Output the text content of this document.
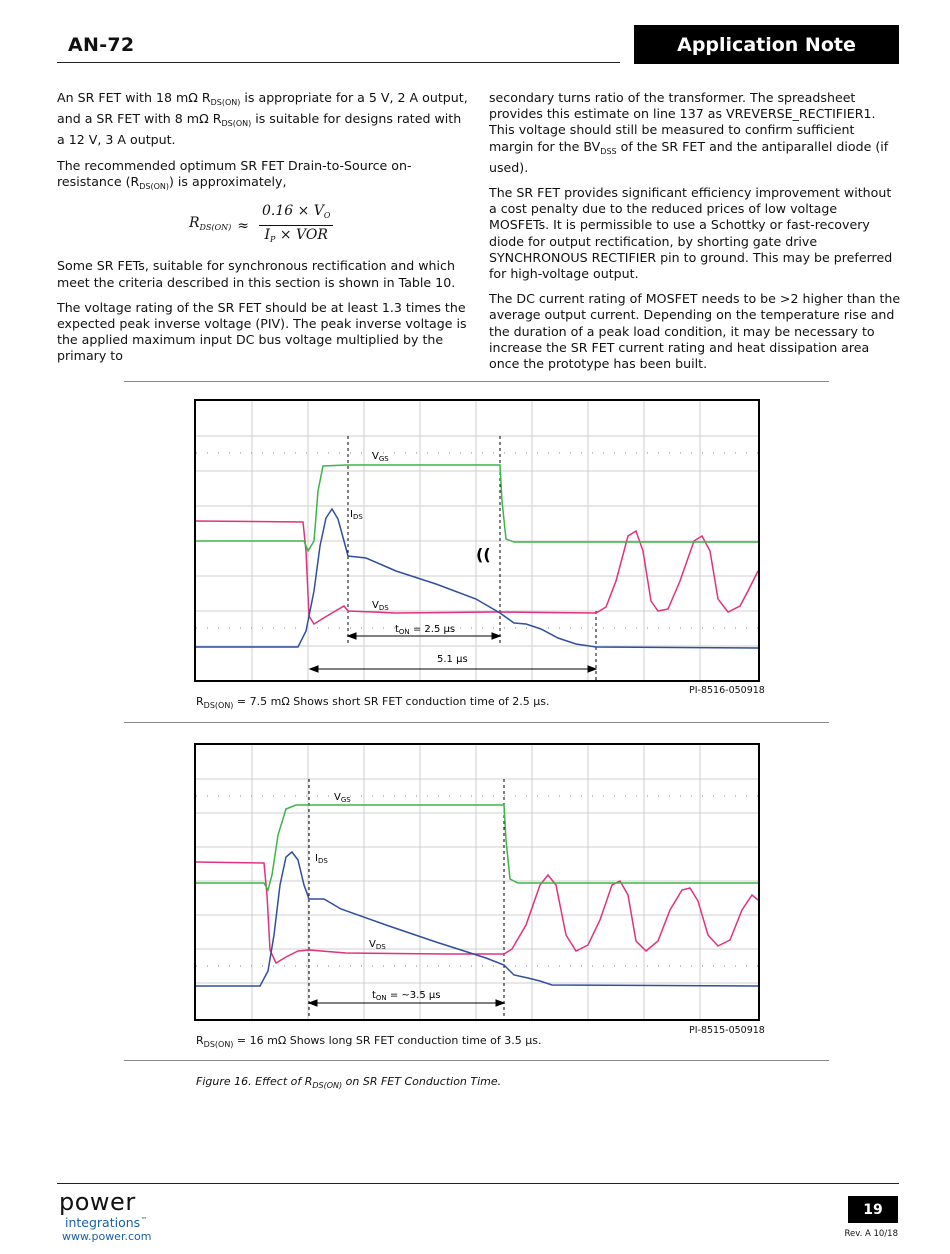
AN-72	Application Note

An SR FET with 18 mΩ $R_{DS(ON)}$ is appropriate for a 5 V, 2 A output, and a SR FET with 8 mΩ $R_{DS(ON)}$ is suitable for designs rated with a 12 V, 3 A output.

The recommended optimum SR FET Drain-to-Source on-resistance $(R_{DS(ON)})$ is approximately,

$R_{DS(ON)} \approx \frac{0.16 \times V_O}{I_P \times VOR}$

Some SR FETs, suitable for synchronous rectification and which meet the criteria described in this section is shown in Table 10.

The voltage rating of the SR FET should be at least 1.3 times the expected peak inverse voltage (PIV). The peak inverse voltage is the applied maximum input DC bus voltage multiplied by the primary to

secondary turns ratio of the transformer. The spreadsheet provides this estimate on line 137 as VREVERSE_RECTIFIER1. This voltage should still be measured to confirm sufficient margin for the $BV_{DSS}$ of the SR FET and the antiparallel diode (if used).

The SR FET provides significant efficiency improvement without a cost penalty due to the reduced prices of low voltage MOSFETs. It is permissible to use a Schottky or fast-recovery diode for output rectification, by shorting gate drive SYNCHRONOUS RECTIFIER pin to ground. This may be preferred for high-voltage output.

The DC current rating of MOSFET needs to be >2 higher than the average output current. Depending on the temperature rise and the duration of a peak load condition, it may be necessary to increase the SR FET current rating and heat dissipation area once the prototype has been built.

$V_{GS}$
$I_{DS}$
$V_{DS}$
((
$t_{ON} = 2.5$ µs
5.1 µs
PI-8516-050918
$R_{DS(ON)} = 7.5$ mΩ Shows short SR FET conduction time of 2.5 µs.
$V_{GS}$
$I_{DS}$
$V_{DS}$
$t_{ON}$ = ~3.5 µs
PI-8515-050918
$R_{DS(ON)} = 16$ mΩ Shows long SR FET conduction time of 3.5 µs.
Figure 16. Effect of $R_{DS(ON)}$ on SR FET Conduction Time.
power
integrations™
www.power.com
19
Rev. A 10/18
